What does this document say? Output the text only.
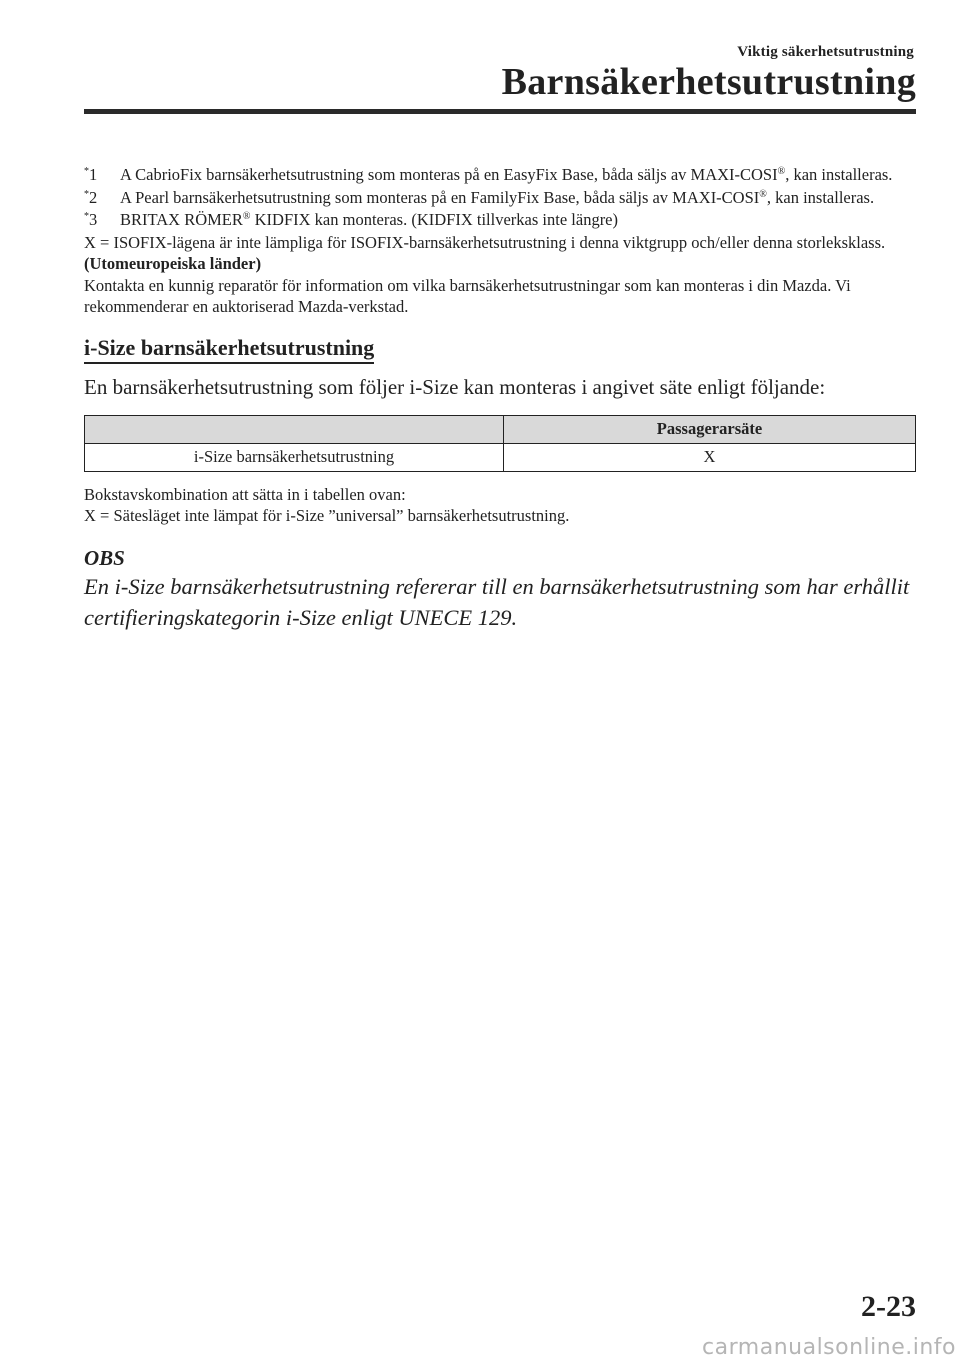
Viktig säkerhetsutrustning
Barnsäkerhetsutrustning
*1 A CabrioFix barnsäkerhetsutrustning som monteras på en EasyFix Base, båda säljs av MAXI-COSI®, kan installeras.
*2 A Pearl barnsäkerhetsutrustning som monteras på en FamilyFix Base, båda säljs av MAXI-COSI®, kan installeras.
*3 BRITAX RÖMER® KIDFIX kan monteras. (KIDFIX tillverkas inte längre)

X = ISOFIX-lägena är inte lämpliga för ISOFIX-barnsäkerhetsutrustning i denna viktgrupp och/eller denna storleksklass.

(Utomeuropeiska länder)

Kontakta en kunnig reparatör för information om vilka barnsäkerhetsutrustningar som kan monteras i din Mazda. Vi rekommenderar en auktoriserad Mazda-verkstad.

i-Size barnsäkerhetsutrustning

En barnsäkerhetsutrustning som följer i-Size kan monteras i angivet säte enligt följande:

	Passagerarsäte
i-Size barnsäkerhetsutrustning	X

Bokstavskombination att sätta in i tabellen ovan:

X = Sätesläget inte lämpat för i-Size ”universal” barnsäkerhetsutrustning.

OBS
En i-Size barnsäkerhetsutrustning refererar till en barnsäkerhetsutrustning som har erhållit certifieringskategorin i-Size enligt UNECE 129.
2-23
carmanualsonline.info
